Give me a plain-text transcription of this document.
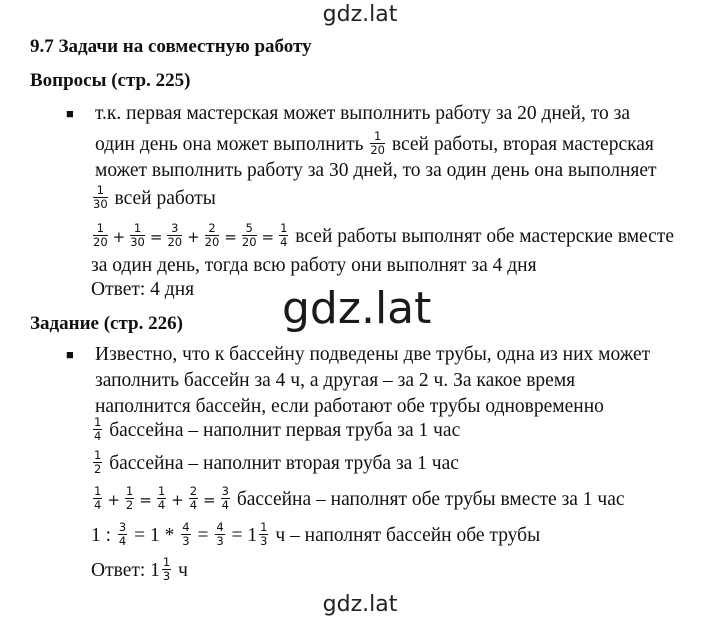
gdz.lat
9.7 Задачи на совместную работу
Вопросы (стр. 225)
■ т.к. первая мастерская может выполнить работу за 20 дней, то за
один день она может выполнить $\frac{1}{20}$ всей работы, вторая мастерская
может выполнить работу за 30 дней, то за один день она выполняет
$\frac{1}{30}$ всей работы
$\frac{1}{20} + \frac{1}{30} = \frac{3}{20} + \frac{2}{20} = \frac{5}{20} = \frac{1}{4}$ всей работы выполнят обе мастерские вместе
за один день, тогда всю работу они выполнят за 4 дня
Ответ: 4 дня gdz.lat
Задание (стр. 226)
■ Известно, что к бассейну подведены две трубы, одна из них может
заполнить бассейн за 4 ч, а другая – за 2 ч. За какое время
наполнится бассейн, если работают обе трубы одновременно
$\frac{1}{4}$ бассейна – наполнит первая труба за 1 час
$\frac{1}{2}$ бассейна – наполнит вторая труба за 1 час
$\frac{1}{4} + \frac{1}{2} = \frac{1}{4} + \frac{2}{4} = \frac{3}{4}$ бассейна – наполнят обе трубы вместе за 1 час
1 : $\frac{3}{4} = 1 * \frac{4}{3} = \frac{4}{3} = 1 \frac{1}{3}$ ч – наполнят бассейн обе трубы
Ответ: $1 \frac{1}{3}$ ч
gdz.lat
